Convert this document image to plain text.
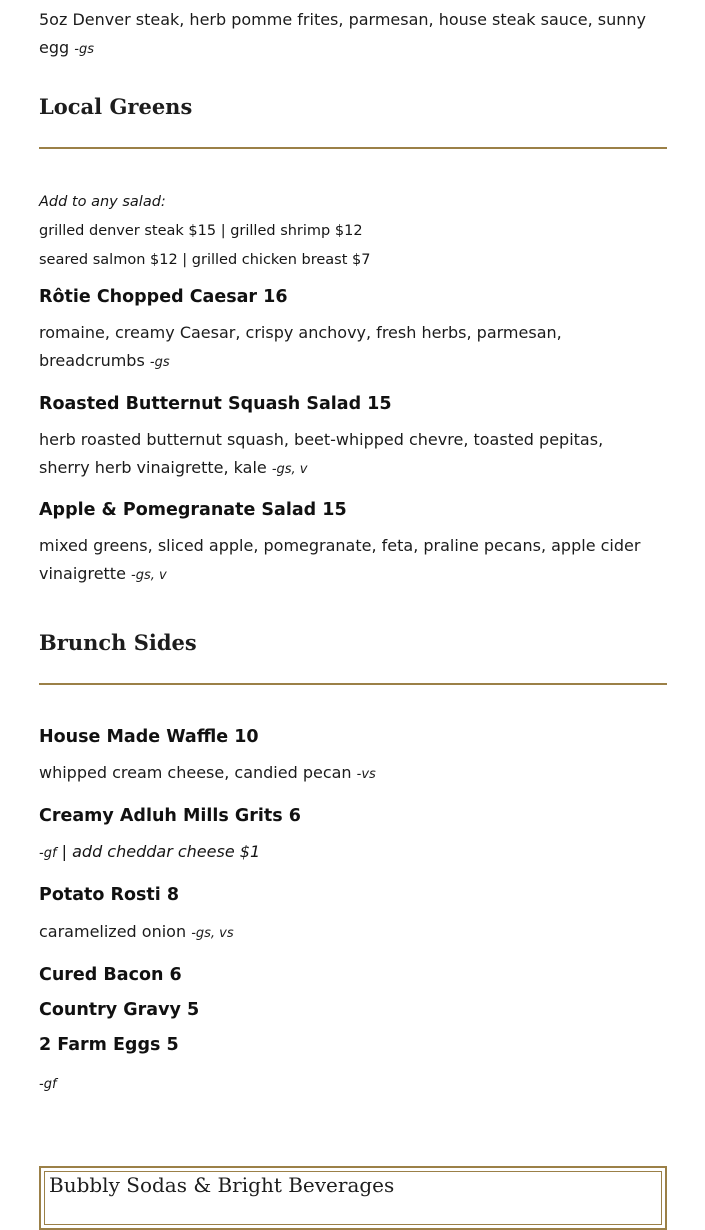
5oz Denver steak, herb pomme frites, parmesan, house steak sauce, sunny egg -gs

Local Greens

Add to any salad:

grilled denver steak $15 | grilled shrimp $12

seared salmon $12 | grilled chicken breast $7

Rôtie Chopped Caesar 16

romaine, creamy Caesar, crispy anchovy, fresh herbs, parmesan, breadcrumbs -gs

Roasted Butternut Squash Salad 15

herb roasted butternut squash, beet-whipped chevre, toasted pepitas, sherry herb vinaigrette, kale -gs, v

Apple & Pomegranate Salad 15

mixed greens, sliced apple, pomegranate, feta, praline pecans, apple cider vinaigrette -gs, v

Brunch Sides
House Made Waffle 10

whipped cream cheese, candied pecan -vs

Creamy Adluh Mills Grits 6

-gf | add cheddar cheese $1

Potato Rosti 8

caramelized onion -gs, vs

Cured Bacon 6
Country Gravy 5
2 Farm Eggs 5

-gf

Bubbly Sodas & Bright Beverages
